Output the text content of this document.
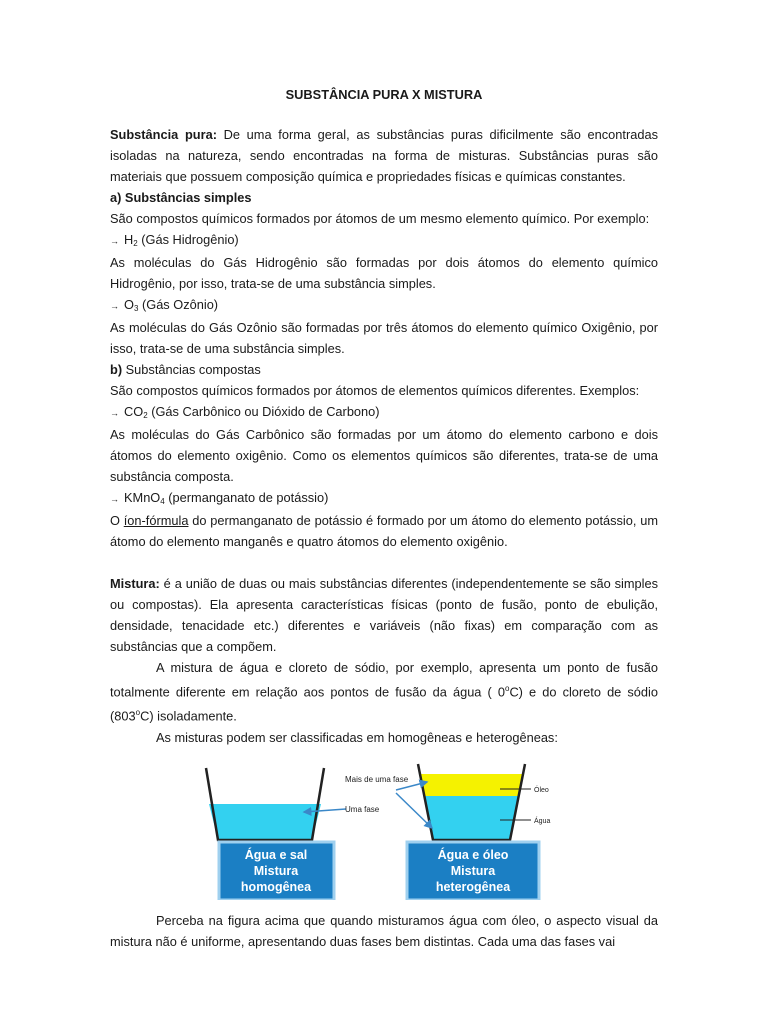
SUBSTÂNCIA PURA X MISTURA

Substância pura: De uma forma geral, as substâncias puras dificilmente são encontradas isoladas na natureza, sendo encontradas na forma de misturas. Substâncias puras são materiais que possuem composição química e propriedades físicas e químicas constantes.

a) Substâncias simples

São compostos químicos formados por átomos de um mesmo elemento químico. Por exemplo:

→ $H_2$ (Gás Hidrogênio)

As moléculas do Gás Hidrogênio são formadas por dois átomos do elemento químico Hidrogênio, por isso, trata-se de uma substância simples.

→ $O_3$ (Gás Ozônio)

As moléculas do Gás Ozônio são formadas por três átomos do elemento químico Oxigênio, por isso, trata-se de uma substância simples.

b) Substâncias compostas

São compostos químicos formados por átomos de elementos químicos diferentes. Exemplos:

→ $CO_2$ (Gás Carbônico ou Dióxido de Carbono)

As moléculas do Gás Carbônico são formadas por um átomo do elemento carbono e dois átomos do elemento oxigênio. Como os elementos químicos são diferentes, trata-se de uma substância composta.

→ KMnO$_4$ (permanganato de potássio)

O íon-fórmula do permanganato de potássio é formado por um átomo do elemento potássio, um átomo do elemento manganês e quatro átomos do elemento oxigênio.

Mistura: é a união de duas ou mais substâncias diferentes (independentemente se são simples ou compostas). Ela apresenta características físicas (ponto de fusão, ponto de ebulição, densidade, tenacidade etc.) diferentes e variáveis (não fixas) em comparação com as substâncias que a compõem.

A mistura de água e cloreto de sódio, por exemplo, apresenta um ponto de fusão totalmente diferente em relação aos pontos de fusão da água ( 0$^o$C) e do cloreto de sódio (803$^o$C) isoladamente.

As misturas podem ser classificadas em homogêneas e heterogêneas:

Mais de uma fase
Uma fase
Óleo
Água
Água e sal
Mistura
homogênea
Água e óleo
Mistura
heterogênea

Perceba na figura acima que quando misturamos água com óleo, o aspecto visual da mistura não é uniforme, apresentando duas fases bem distintas. Cada uma das fases vai
